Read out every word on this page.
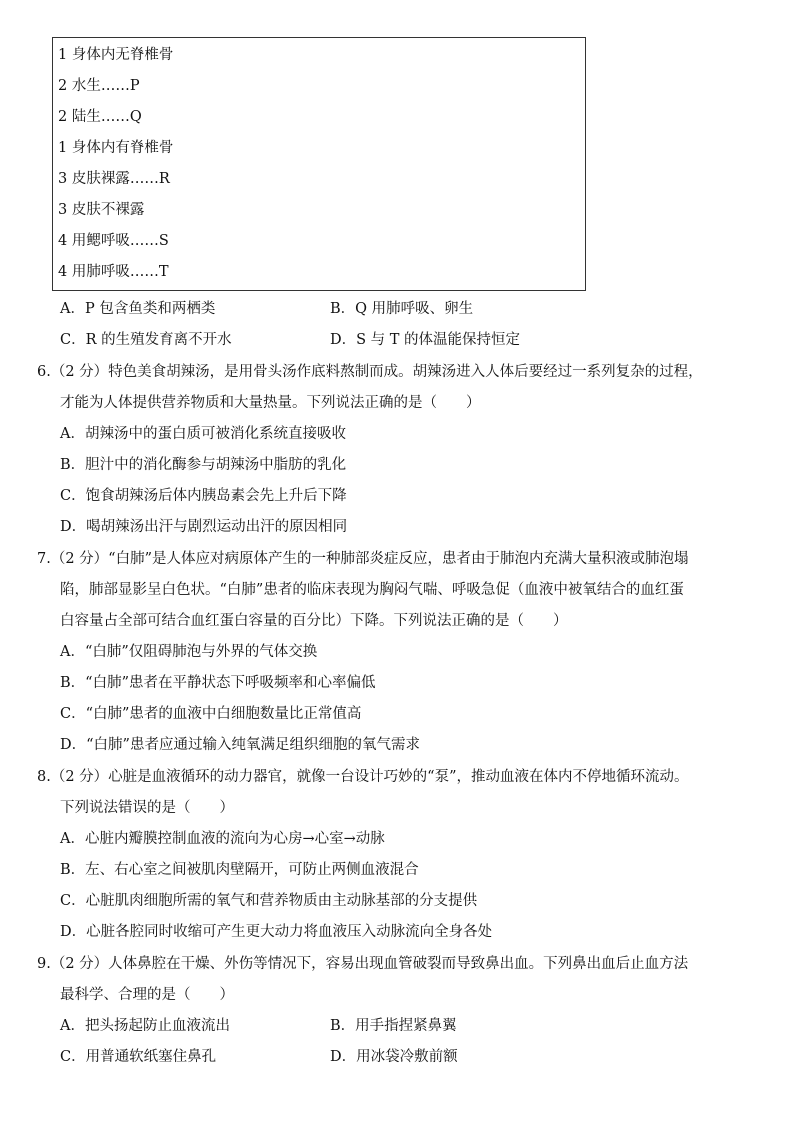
1 身体内无脊椎骨
2 水生……P
2 陆生……Q
1 身体内有脊椎骨
3 皮肤裸露……R
3 皮肤不裸露
4 用鳃呼吸……S
4 用肺呼吸……T
A．P 包含鱼类和两栖类	B．Q 用肺呼吸、卵生
C．R 的生殖发育离不开水	D．S 与 T 的体温能保持恒定
6.（2 分）特色美食胡辣汤，是用骨头汤作底料熬制而成。胡辣汤进入人体后要经过一系列复杂的过程，
才能为人体提供营养物质和大量热量。下列说法正确的是（　　）
A．胡辣汤中的蛋白质可被消化系统直接吸收
B．胆汁中的消化酶参与胡辣汤中脂肪的乳化
C．饱食胡辣汤后体内胰岛素会先上升后下降
D．喝胡辣汤出汗与剧烈运动出汗的原因相同
7.（2 分）“白肺”是人体应对病原体产生的一种肺部炎症反应，患者由于肺泡内充满大量积液或肺泡塌
陷，肺部显影呈白色状。“白肺”患者的临床表现为胸闷气喘、呼吸急促（血液中被氧结合的血红蛋
白容量占全部可结合血红蛋白容量的百分比）下降。下列说法正确的是（　　）
A．“白肺”仅阻碍肺泡与外界的气体交换
B．“白肺”患者在平静状态下呼吸频率和心率偏低
C．“白肺”患者的血液中白细胞数量比正常值高
D．“白肺”患者应通过输入纯氧满足组织细胞的氧气需求
8.（2 分）心脏是血液循环的动力器官，就像一台设计巧妙的“泵”，推动血液在体内不停地循环流动。
下列说法错误的是（　　）
A．心脏内瓣膜控制血液的流向为心房→心室→动脉
B．左、右心室之间被肌肉壁隔开，可防止两侧血液混合
C．心脏肌肉细胞所需的氧气和营养物质由主动脉基部的分支提供
D．心脏各腔同时收缩可产生更大动力将血液压入动脉流向全身各处
9.（2 分）人体鼻腔在干燥、外伤等情况下，容易出现血管破裂而导致鼻出血。下列鼻出血后止血方法
最科学、合理的是（　　）
A．把头扬起防止血液流出	B．用手指捏紧鼻翼
C．用普通软纸塞住鼻孔	D．用冰袋冷敷前额
